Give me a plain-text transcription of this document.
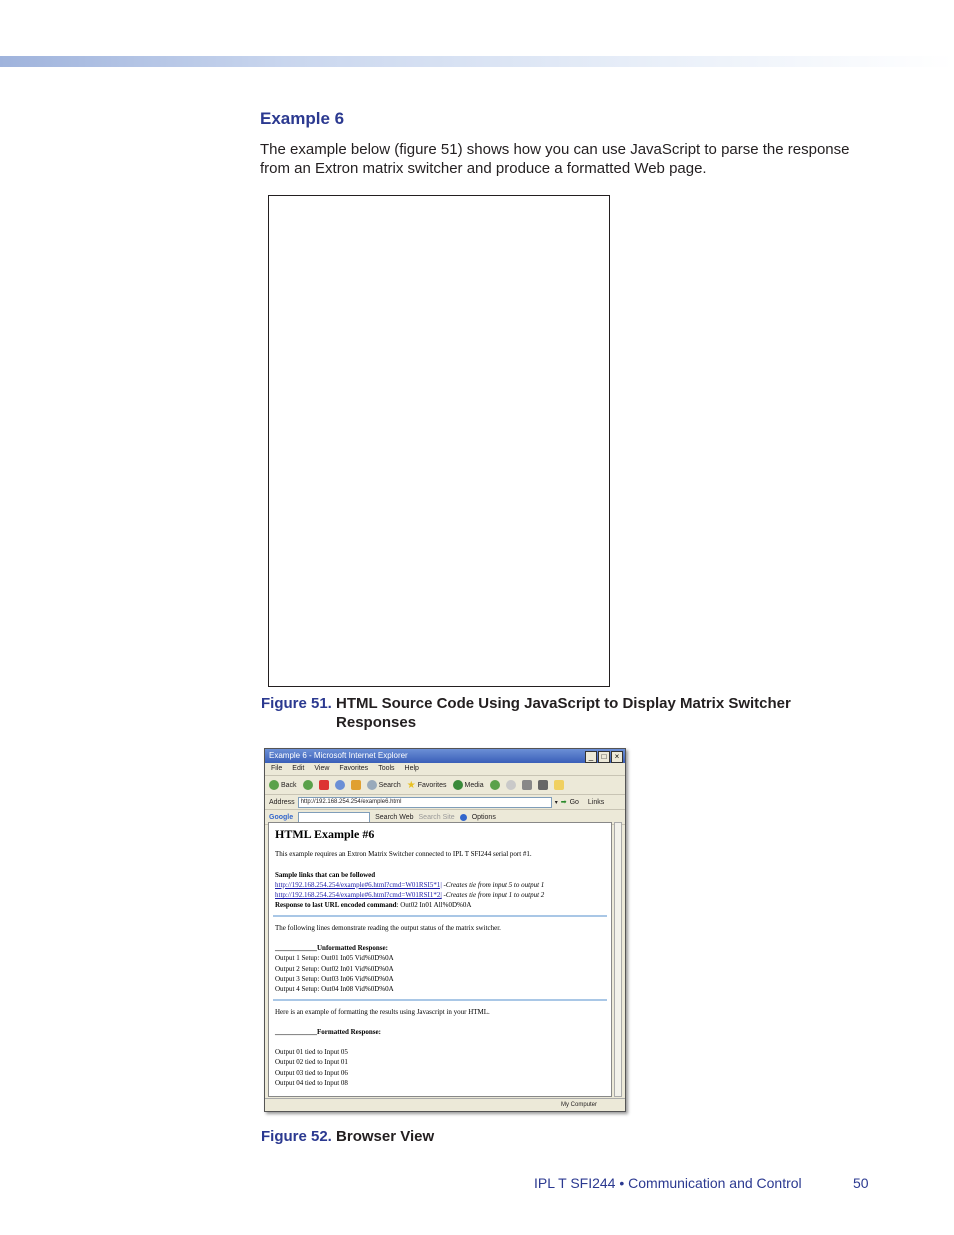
Example 6
The example below (figure 51) shows how you can use JavaScript to parse the response from an Extron matrix switcher and produce a formatted Web page.
Figure 51. HTML Source Code Using JavaScript to Display Matrix Switcher Responses
Example 6 - Microsoft Internet Explorer	_	□	×
File Edit View Favorites Tools Help
Back	Search ★ Favorites	Media
Address	http://192.168.254.254/example6.html	▾ ➡ Go Links
Google	Search Web Search Site Options
HTML Example #6

This example requires an Extron Matrix Switcher connected to IPL T SFI244 serial port #1.

Sample links that can be followed

http://192.168.254.254/example#6.html?cmd=W01RSI5*1| -Creates tie from input 5 to output 1

http://192.168.254.254/example#6.html?cmd=W01RSI1*2| -Creates tie from input 1 to output 2

Response to last URL encoded command: Out02 In01 All%0D%0A

The following lines demonstrate reading the output status of the matrix switcher.

____________Unformatted Response:

Output 1 Setup: Out01 In05 Vid%0D%0A

Output 2 Setup: Out02 In01 Vid%0D%0A

Output 3 Setup: Out03 In06 Vid%0D%0A

Output 4 Setup: Out04 In08 Vid%0D%0A

Here is an example of formatting the results using Javascript in your HTML.

____________Formatted Response:

Output 01 tied to Input 05

Output 02 tied to Input 01

Output 03 tied to Input 06

Output 04 tied to Input 08

My Computer
Figure 52. Browser View
IPL T SFI244 • Communication and Control	50
